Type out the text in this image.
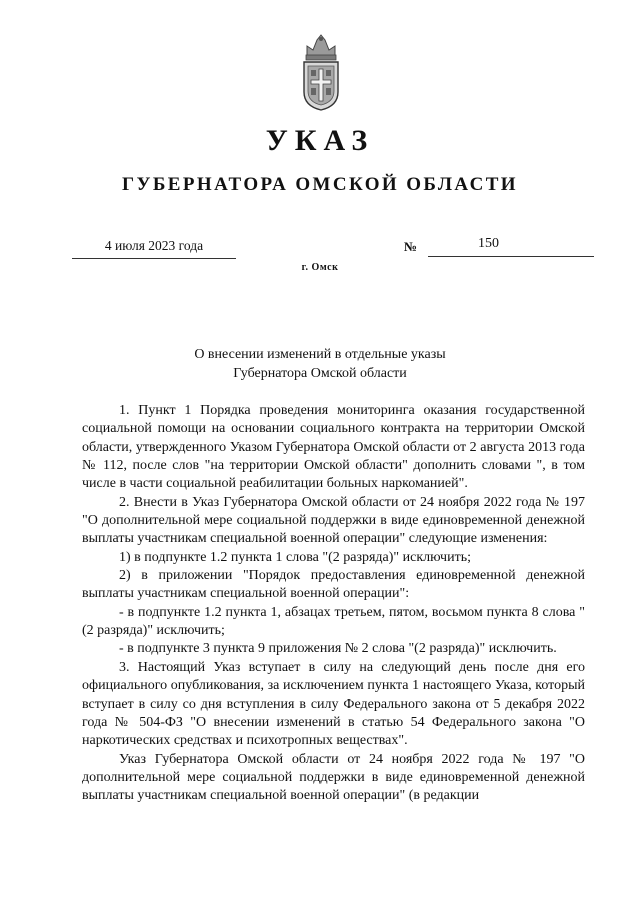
УКАЗ
ГУБЕРНАТОРА ОМСКОЙ ОБЛАСТИ
4 июля 2023 года	№	150
г. Омск
О внесении изменений в отдельные указы
Губернатора Омской области

1. Пункт 1 Порядка проведения мониторинга оказания государственной социальной помощи на основании социального контракта на территории Омской области, утвержденного Указом Губернатора Омской области от 2 августа 2013 года № 112, после слов "на территории Омской области" дополнить словами ", в том числе в части социальной реабилитации больных наркоманией".

2. Внести в Указ Губернатора Омской области от 24 ноября 2022 года № 197 "О дополнительной мере социальной поддержки в виде единовременной денежной выплаты участникам специальной военной операции" следующие изменения:

1) в подпункте 1.2 пункта 1 слова "(2 разряда)" исключить;

2) в приложении "Порядок предоставления единовременной денежной выплаты участникам специальной военной операции":

- в подпункте 1.2 пункта 1, абзацах третьем, пятом, восьмом пункта 8 слова "(2 разряда)" исключить;

- в подпункте 3 пункта 9 приложения № 2 слова "(2 разряда)" исключить.

3. Настоящий Указ вступает в силу на следующий день после дня его официального опубликования, за исключением пункта 1 настоящего Указа, который вступает в силу со дня вступления в силу Федерального закона от 5 декабря 2022 года № 504-ФЗ "О внесении изменений в статью 54 Федерального закона "О наркотических средствах и психотропных веществах".

Указ Губернатора Омской области от 24 ноября 2022 года № 197 "О дополнительной мере социальной поддержки в виде единовременной денежной выплаты участникам специальной военной операции" (в редакции
